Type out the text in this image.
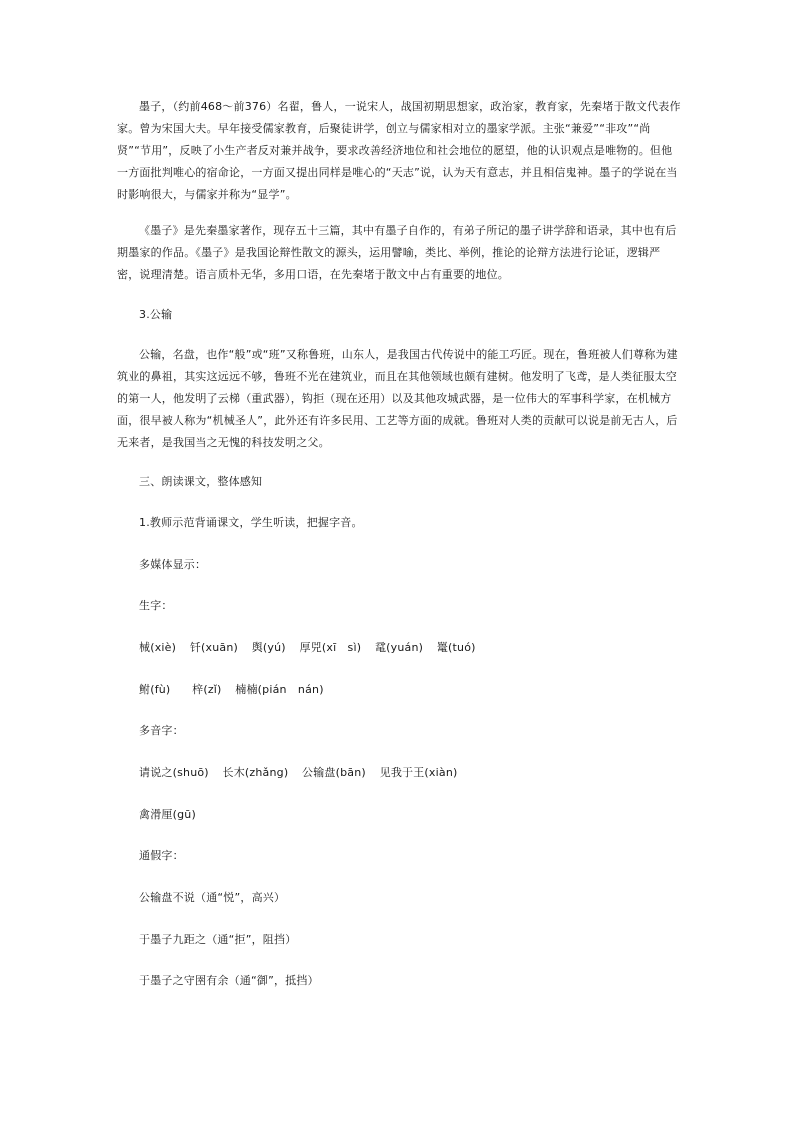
墨子，（约前468～前376）名翟，鲁人，一说宋人，战国初期思想家，政治家，教育家，先秦堵于散文代表作家。曾为宋国大夫。早年接受儒家教育，后聚徒讲学，创立与儒家相对立的墨家学派。主张“兼爱”“非攻”“尚贤”“节用”，反映了小生产者反对兼并战争，要求改善经济地位和社会地位的愿望，他的认识观点是唯物的。但他一方面批判唯心的宿命论，一方面又提出同样是唯心的“天志”说，认为天有意志，并且相信鬼神。墨子的学说在当时影响很大，与儒家并称为“显学”。

《墨子》是先秦墨家著作，现存五十三篇，其中有墨子自作的，有弟子所记的墨子讲学辞和语录，其中也有后期墨家的作品。《墨子》是我国论辩性散文的源头，运用譬喻，类比、举例，推论的论辩方法进行论证，逻辑严密，说理清楚。语言质朴无华，多用口语，在先秦堵于散文中占有重要的地位。

3.公输

公输，名盘，也作“般”或“班”又称鲁班，山东人，是我国古代传说中的能工巧匠。现在，鲁班被人们尊称为建筑业的鼻祖，其实这远远不够，鲁班不光在建筑业，而且在其他领域也颇有建树。他发明了飞鸢，是人类征服太空的第一人，他发明了云梯（重武器），钩拒（现在还用）以及其他攻城武器，是一位伟大的军事科学家，在机械方面，很早被人称为“机械圣人”，此外还有许多民用、工艺等方面的成就。鲁班对人类的贡献可以说是前无古人，后无来者，是我国当之无愧的科技发明之父。

三、朗读课文，整体感知

1.教师示范背诵课文，学生听读，把握字音。

多媒体显示：

生字：

械(xiè) 钎(xuān) 舆(yú) 厚兕(xī　sì) 鼋(yuán) 鼍(tuó)

鲋(fù) 梓(zǐ) 楠楠(pián　nán)

多音字：

请说之(shuō) 长木(zhǎng) 公输盘(bān) 见我于王(xiàn)

禽滑厘(gū)

通假字：

公输盘不说（通“悦”，高兴）

于墨子九距之（通“拒”，阻挡）

于墨子之守圉有余（通“御”，抵挡）
